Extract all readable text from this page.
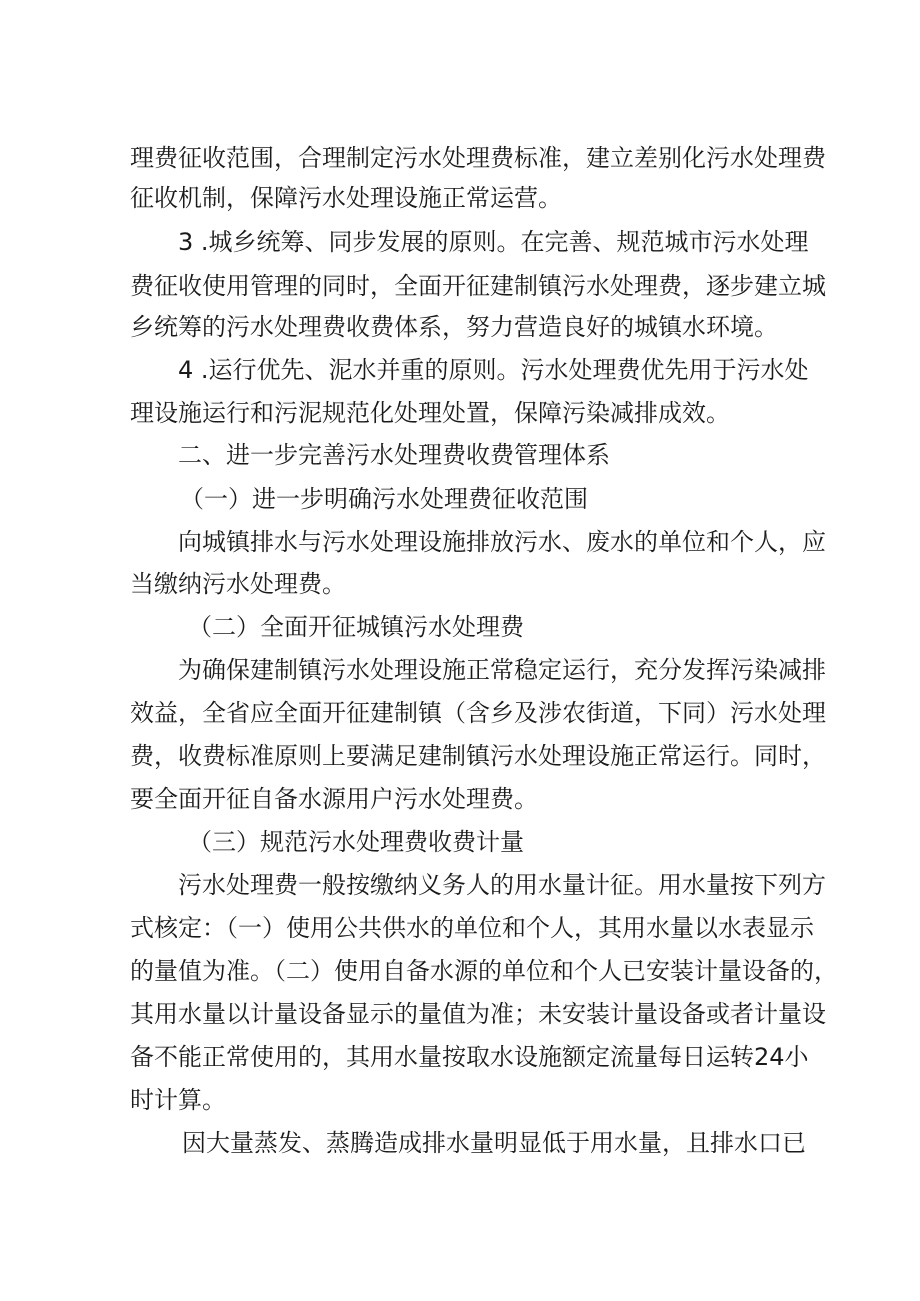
理费征收范围，合理制定污水处理费标准，建立差别化污水处理费
征收机制，保障污水处理设施正常运营。
3 .城乡统筹、同步发展的原则。在完善、规范城市污水处理
费征收使用管理的同时，全面开征建制镇污水处理费，逐步建立城
乡统筹的污水处理费收费体系，努力营造良好的城镇水环境。
4 .运行优先、泥水并重的原则。污水处理费优先用于污水处
理设施运行和污泥规范化处理处置，保障污染减排成效。
二、进一步完善污水处理费收费管理体系
（一）进一步明确污水处理费征收范围
向城镇排水与污水处理设施排放污水、废水的单位和个人，应
当缴纳污水处理费。
（二）全面开征城镇污水处理费
为确保建制镇污水处理设施正常稳定运行，充分发挥污染减排
效益，全省应全面开征建制镇（含乡及涉农街道，下同）污水处理
费，收费标准原则上要满足建制镇污水处理设施正常运行。同时，
要全面开征自备水源用户污水处理费。
（三）规范污水处理费收费计量
污水处理费一般按缴纳义务人的用水量计征。用水量按下列方
式核定：（一）使用公共供水的单位和个人，其用水量以水表显示
的量值为准。（二）使用自备水源的单位和个人已安装计量设备的，
其用水量以计量设备显示的量值为准；未安装计量设备或者计量设
备不能正常使用的，其用水量按取水设施额定流量每日运转24小
时计算。
因大量蒸发、蒸腾造成排水量明显低于用水量，且排水口已
